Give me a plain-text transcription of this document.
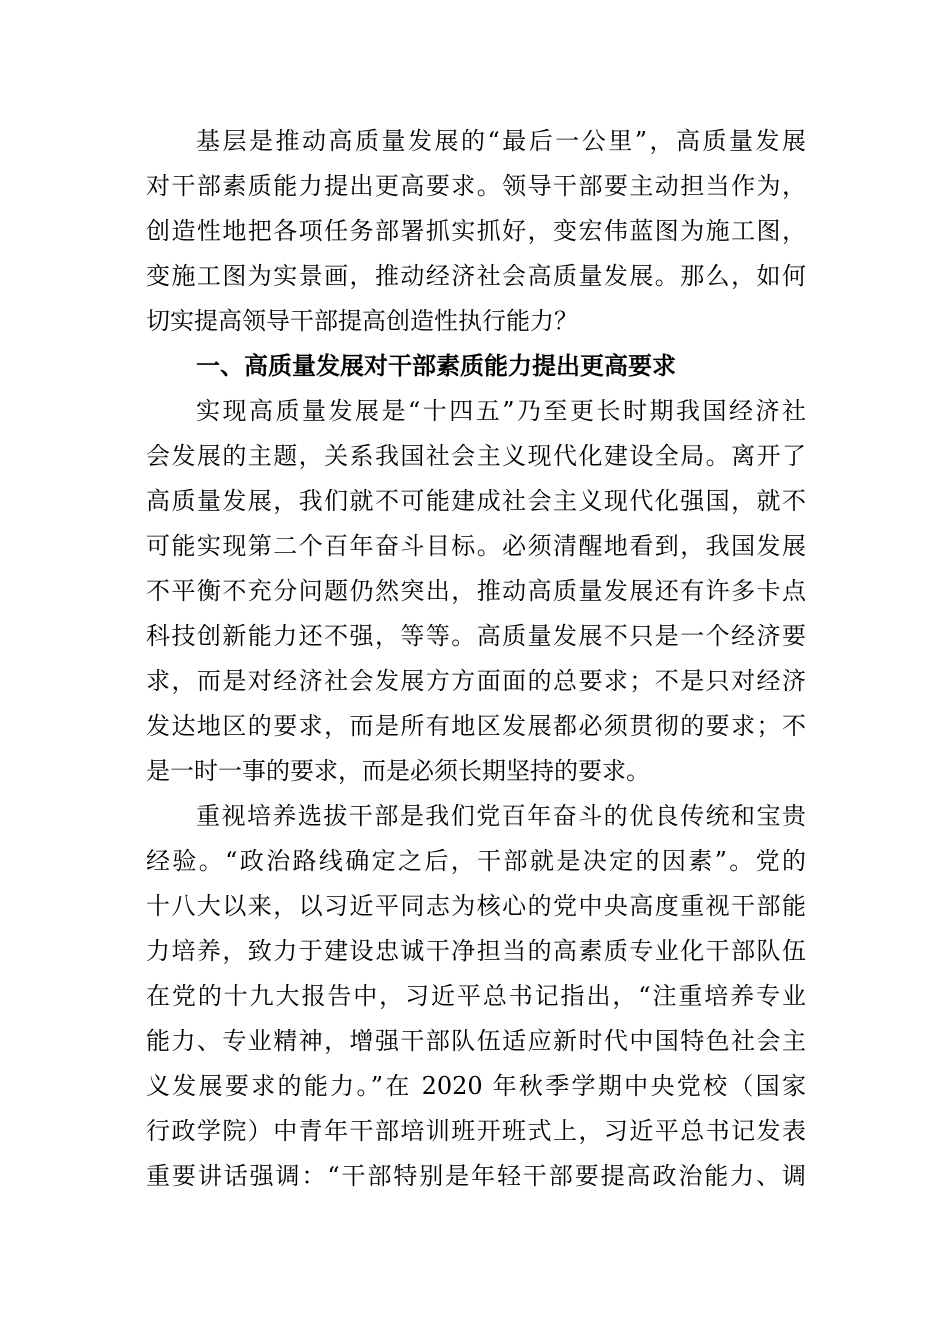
基层是推动高质量发展的“最后一公里”，高质量发展
对干部素质能力提出更高要求。领导干部要主动担当作为，
创造性地把各项任务部署抓实抓好，变宏伟蓝图为施工图，
变施工图为实景画，推动经济社会高质量发展。那么，如何
切实提高领导干部提高创造性执行能力？
一、高质量发展对干部素质能力提出更高要求
实现高质量发展是“十四五”乃至更长时期我国经济社
会发展的主题，关系我国社会主义现代化建设全局。离开了
高质量发展，我们就不可能建成社会主义现代化强国，就不
可能实现第二个百年奋斗目标。必须清醒地看到，我国发展
不平衡不充分问题仍然突出，推动高质量发展还有许多卡点
科技创新能力还不强，等等。高质量发展不只是一个经济要
求，而是对经济社会发展方方面面的总要求；不是只对经济
发达地区的要求，而是所有地区发展都必须贯彻的要求；不
是一时一事的要求，而是必须长期坚持的要求。
重视培养选拔干部是我们党百年奋斗的优良传统和宝贵
经验。“政治路线确定之后，干部就是决定的因素”。党的
十八大以来，以习近平同志为核心的党中央高度重视干部能
力培养，致力于建设忠诚干净担当的高素质专业化干部队伍
在党的十九大报告中，习近平总书记指出，“注重培养专业
能力、专业精神，增强干部队伍适应新时代中国特色社会主
义发展要求的能力。”在 2020 年秋季学期中央党校（国家
行政学院）中青年干部培训班开班式上，习近平总书记发表
重要讲话强调：“干部特别是年轻干部要提高政治能力、调
